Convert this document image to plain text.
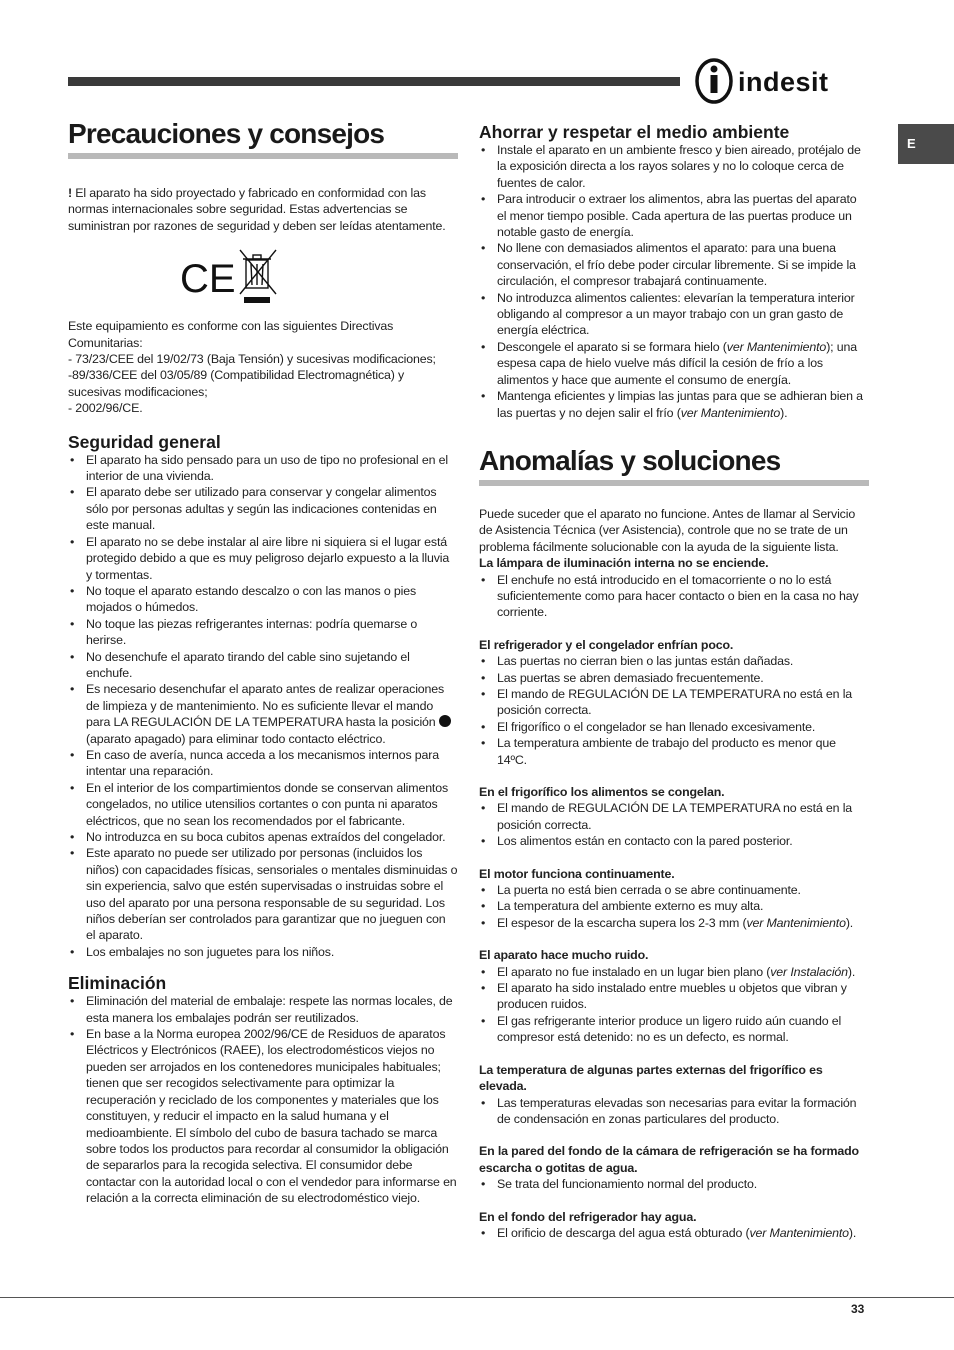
indesit
E
Precauciones y consejos

! El aparato ha sido proyectado y fabricado en conformidad con las normas internacionales sobre seguridad. Estas advertencias se suministran por razones de seguridad y deben ser leídas atentamente.

CE

Este equipamiento es conforme con las siguientes Directivas Comunitarias:

- 73/23/CEE del 19/02/73 (Baja Tensión) y sucesivas modificaciones;

-89/336/CEE del 03/05/89 (Compatibilidad Electromagnética) y sucesivas modificaciones;

- 2002/96/CE.

Seguridad general
• El aparato ha sido pensado para un uso de tipo no profesional en el interior de una vivienda.
• El aparato debe ser utilizado para conservar y congelar alimentos sólo por personas adultas y según las indicaciones contenidas en este manual.
• El aparato no se debe instalar al aire libre ni siquiera si el lugar está protegido debido a que es muy peligroso dejarlo expuesto a la lluvia y tormentas.
• No toque el aparato estando descalzo o con las manos o pies mojados o húmedos.
• No toque las piezas refrigerantes internas: podría quemarse o herirse.
• No desenchufe el aparato tirando del cable sino sujetando el enchufe.
• Es necesario desenchufar el aparato antes de realizar operaciones de limpieza y de mantenimiento. No es suficiente llevar el mando para LA REGULACIÓN DE LA TEMPERATURA hasta la posición  (aparato apagado) para eliminar todo contacto eléctrico.
• En caso de avería, nunca acceda a los mecanismos internos para intentar una reparación.
• En el interior de los compartimientos donde se conservan alimentos congelados, no utilice utensilios cortantes o con punta ni aparatos eléctricos, que no sean los recomendados por el fabricante.
• No introduzca en su boca cubitos apenas extraídos del congelador.
• Este aparato no puede ser utilizado por personas (incluidos los niños) con capacidades físicas, sensoriales o mentales disminuidas o sin experiencia, salvo que estén supervisadas o instruidas sobre el uso del aparato por una persona responsable de su seguridad. Los niños deberían ser controlados para garantizar que no jueguen con el aparato.
• Los embalajes no son juguetes para los niños.
Eliminación
• Eliminación del material de embalaje: respete las normas locales, de esta manera los embalajes podrán ser reutilizados.
• En base a la Norma europea 2002/96/CE de Residuos de aparatos Eléctricos y Electrónicos (RAEE), los electrodomésticos viejos no pueden ser arrojados en los contenedores municipales habituales; tienen que ser recogidos selectivamente para optimizar la recuperación y reciclado de los componentes y materiales que los constituyen, y reducir el impacto en la salud humana y el medioambiente. El símbolo del cubo de basura tachado se marca sobre todos los productos para recordar al consumidor la obligación de separarlos para la recogida selectiva. El consumidor debe contactar con la autoridad local o con el vendedor para informarse en relación a la correcta eliminación de su electrodoméstico viejo.
Ahorrar y respetar el medio ambiente
• Instale el aparato en un ambiente fresco y bien aireado, protéjalo de la exposición directa a los rayos solares y no lo coloque cerca de fuentes de calor.
• Para introducir o extraer los alimentos, abra las puertas del aparato el menor tiempo posible. Cada apertura de las puertas produce un notable gasto de energía.
• No llene con demasiados alimentos el aparato: para una buena conservación, el frío debe poder circular libremente. Si se impide la circulación, el compresor trabajará continuamente.
• No introduzca alimentos calientes: elevarían la temperatura interior obligando al compresor a un mayor trabajo con un gran gasto de energía eléctrica.
• Descongele el aparato si se formara hielo (ver Mantenimiento); una espesa capa de hielo vuelve más difícil la cesión de frío a los alimentos y hace que aumente el consumo de energía.
• Mantenga eficientes y limpias las juntas para que se adhieran bien a las puertas y no dejen salir el frío (ver Mantenimiento).
Anomalías y soluciones

Puede suceder que el aparato no funcione. Antes de llamar al Servicio de Asistencia Técnica (ver Asistencia), controle que no se trate de un problema fácilmente solucionable con la ayuda de la siguiente lista.

La lámpara de iluminación interna no se enciende.

• El enchufe no está introducido en el tomacorriente o no lo está suficientemente como para hacer contacto o bien en la casa no hay corriente.

El refrigerador y el congelador enfrían poco.

• Las puertas no cierran bien o las juntas están dañadas.
• Las puertas se abren demasiado frecuentemente.
• El mando de REGULACIÓN DE LA TEMPERATURA no está en la posición correcta.
• El frigorífico o el congelador se han llenado excesivamente.
• La temperatura ambiente de trabajo del producto es menor que 14ºC.

En el frigorífico los alimentos se congelan.

• El mando de REGULACIÓN DE LA TEMPERATURA no está en la posición correcta.
• Los alimentos están en contacto con la pared posterior.

El motor funciona continuamente.

• La puerta no está bien cerrada o se abre continuamente.
• La temperatura del ambiente externo es muy alta.
• El espesor de la escarcha supera los 2-3 mm (ver Mantenimiento).

El aparato hace mucho ruido.

• El aparato no fue instalado en un lugar bien plano (ver Instalación).
• El aparato ha sido instalado entre muebles u objetos que vibran y producen ruidos.
• El gas refrigerante interior produce un ligero ruido aún cuando el compresor está detenido: no es un defecto, es normal.

La temperatura de algunas partes externas del frigorífico es elevada.

• Las temperaturas elevadas son necesarias para evitar la formación de condensación en zonas particulares del producto.

En la pared del fondo de la cámara de refrigeración se ha formado escarcha o gotitas de agua.

• Se trata del funcionamiento normal del producto.

En el fondo del refrigerador hay agua.

• El orificio de descarga del agua está obturado (ver Mantenimiento).
33
